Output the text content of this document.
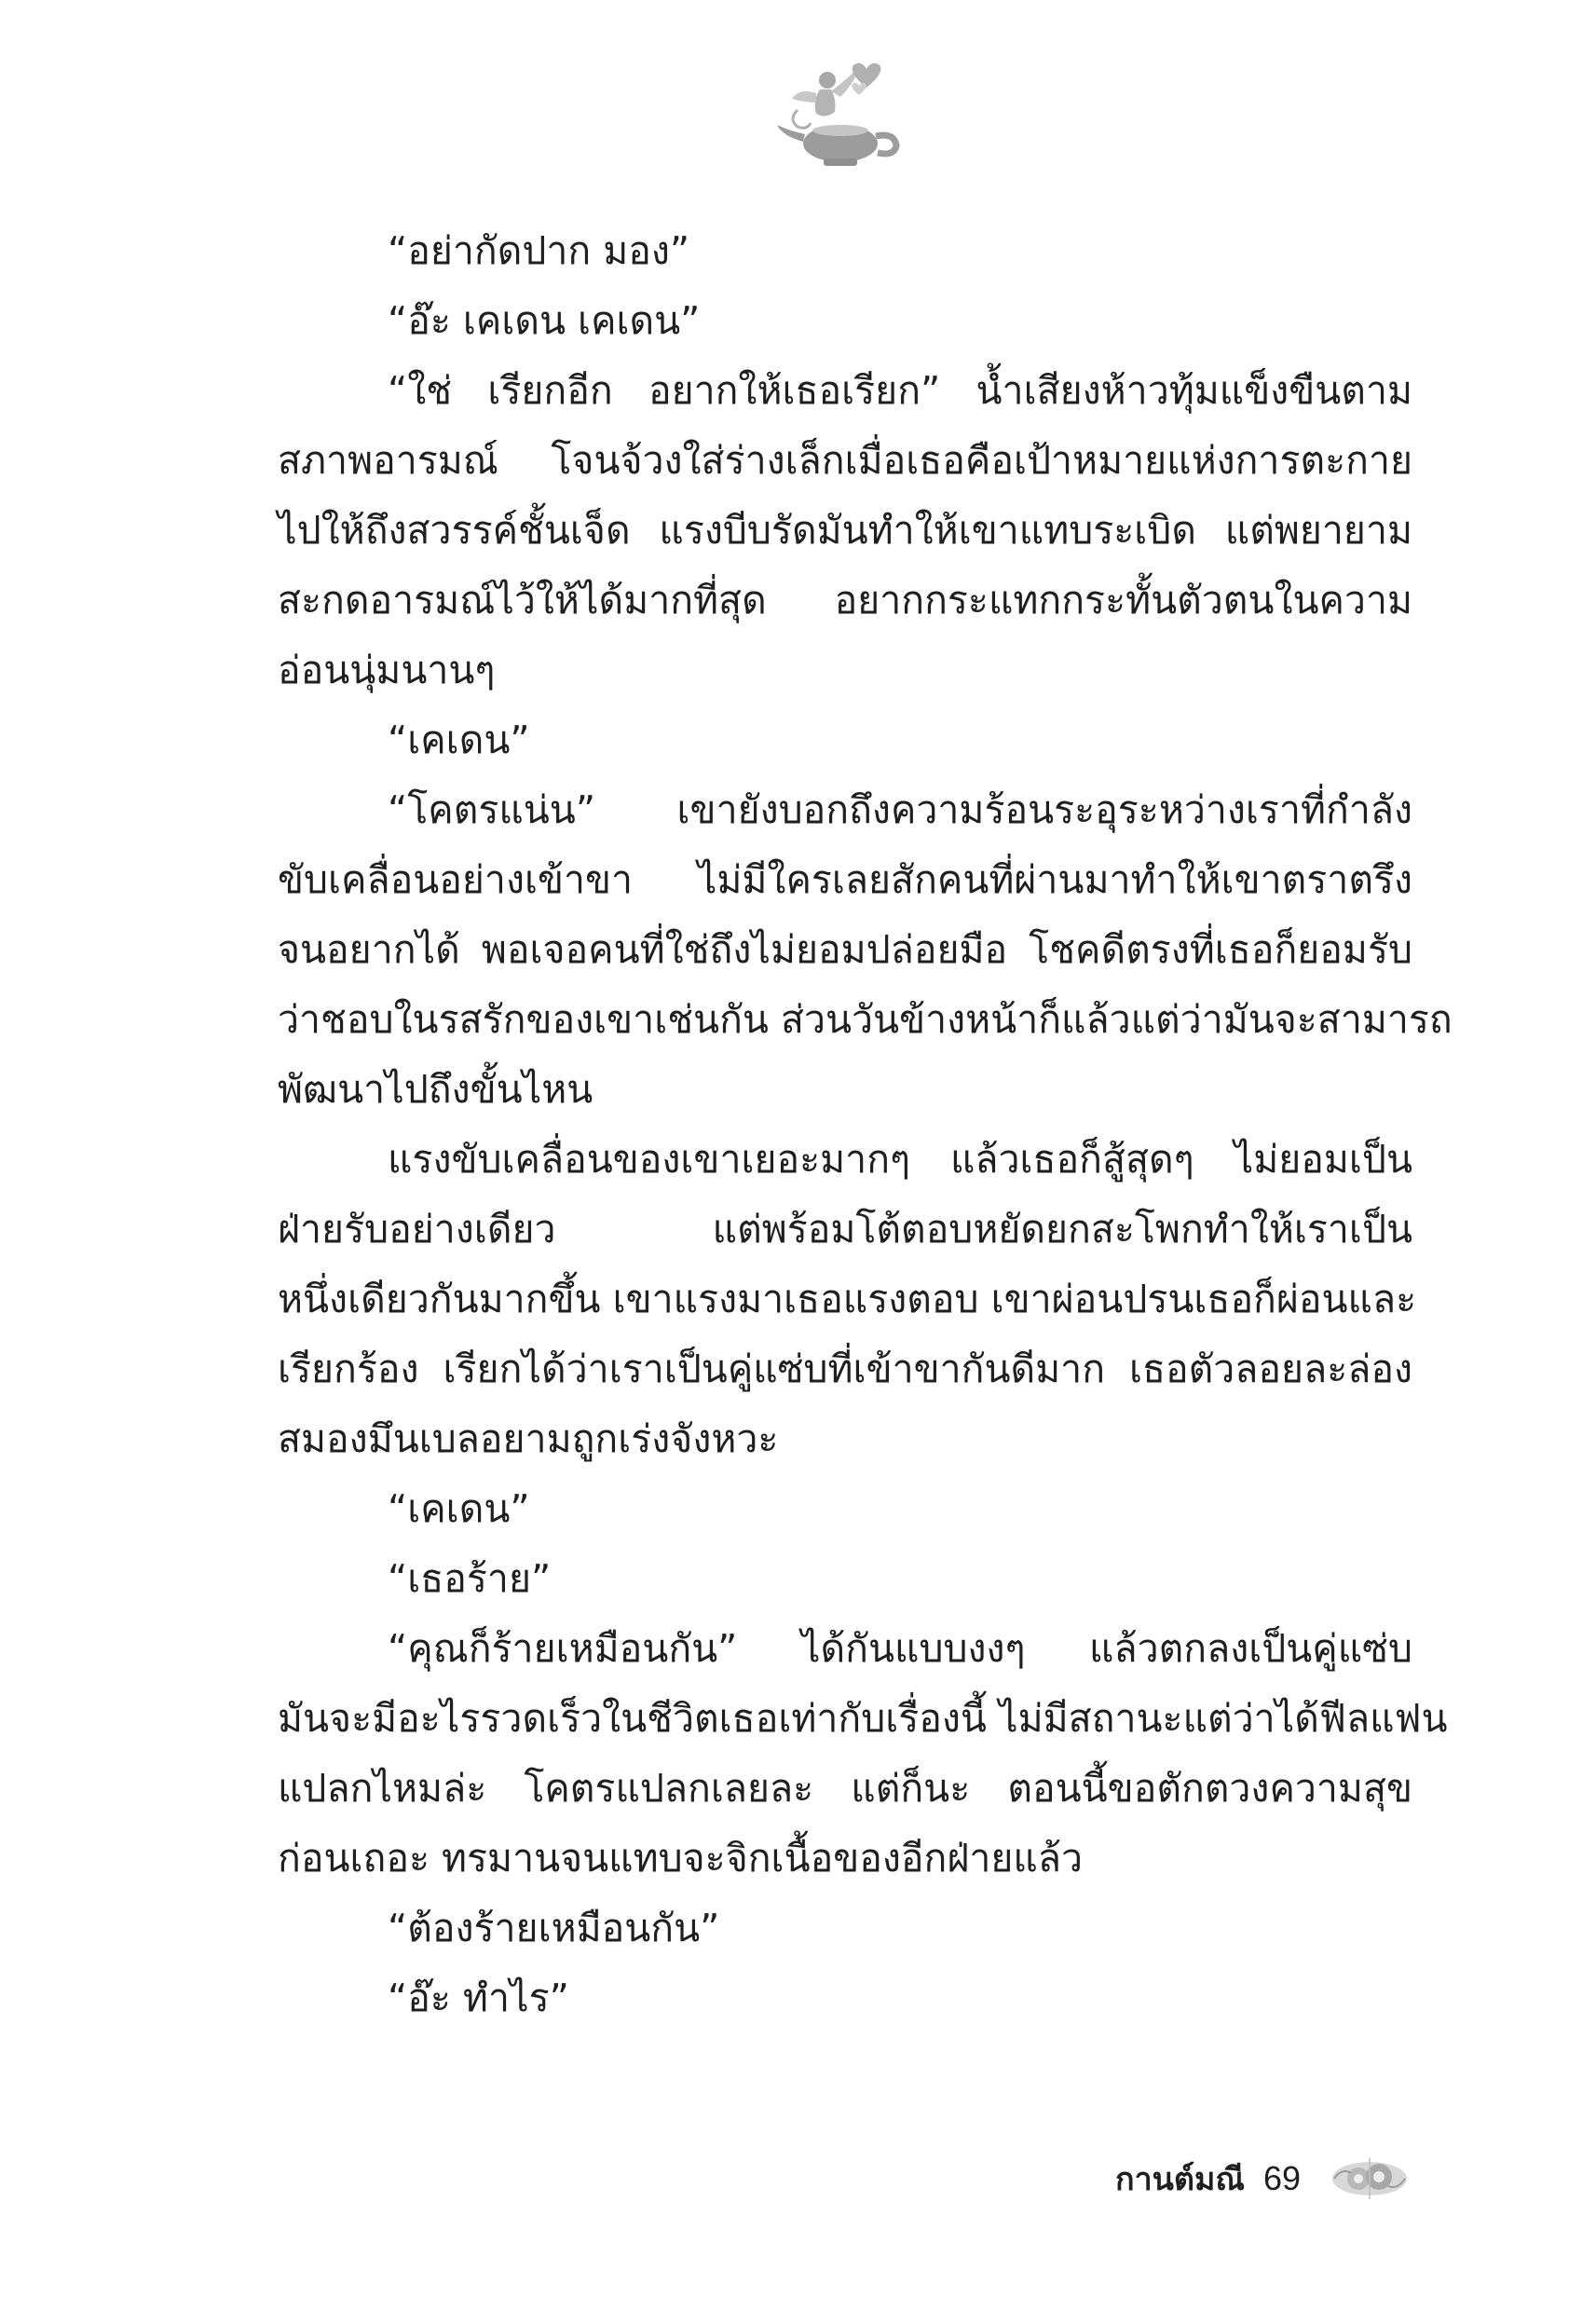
“อย่ากัดปาก มอง”
“อ๊ะ เคเดน เคเดน”
“ใช่ เรียกอีก อยากให้เธอเรียก” น้ำเสียงห้าวทุ้มแข็งขืนตาม
สภาพอารมณ์ โจนจ้วงใส่ร่างเล็กเมื่อเธอคือเป้าหมายแห่งการตะกาย
ไปให้ถึงสวรรค์ชั้นเจ็ด แรงบีบรัดมันทำให้เขาแทบระเบิด แต่พยายาม
สะกดอารมณ์ไว้ให้ได้มากที่สุด อยากกระแทกกระทั้นตัวตนในความ
อ่อนนุ่มนานๆ
“เคเดน”
“โคตรแน่น” เขายังบอกถึงความร้อนระอุระหว่างเราที่กำลัง
ขับเคลื่อนอย่างเข้าขา ไม่มีใครเลยสักคนที่ผ่านมาทำให้เขาตราตรึง
จนอยากได้ พอเจอคนที่ใช่ถึงไม่ยอมปล่อยมือ โชคดีตรงที่เธอก็ยอมรับ
ว่าชอบในรสรักของเขาเช่นกัน ส่วนวันข้างหน้าก็แล้วแต่ว่ามันจะสามารถ
พัฒนาไปถึงขั้นไหน
แรงขับเคลื่อนของเขาเยอะมากๆ แล้วเธอก็สู้สุดๆ ไม่ยอมเป็น
ฝ่ายรับอย่างเดียว แต่พร้อมโต้ตอบหยัดยกสะโพกทำให้เราเป็น
หนึ่งเดียวกันมากขึ้น เขาแรงมาเธอแรงตอบ เขาผ่อนปรนเธอก็ผ่อนและ
เรียกร้อง เรียกได้ว่าเราเป็นคู่แซ่บที่เข้าขากันดีมาก เธอตัวลอยละล่อง
สมองมึนเบลอยามถูกเร่งจังหวะ
“เคเดน”
“เธอร้าย”
“คุณก็ร้ายเหมือนกัน” ได้กันแบบงงๆ แล้วตกลงเป็นคู่แซ่บ
มันจะมีอะไรรวดเร็วในชีวิตเธอเท่ากับเรื่องนี้ ไม่มีสถานะแต่ว่าได้ฟีลแฟน
แปลกไหมล่ะ โคตรแปลกเลยละ แต่ก็นะ ตอนนี้ขอตักตวงความสุข
ก่อนเถอะ ทรมานจนแทบจะจิกเนื้อของอีกฝ่ายแล้ว
“ต้องร้ายเหมือนกัน”
“อ๊ะ ทำไร”
กานต์มณี 69
